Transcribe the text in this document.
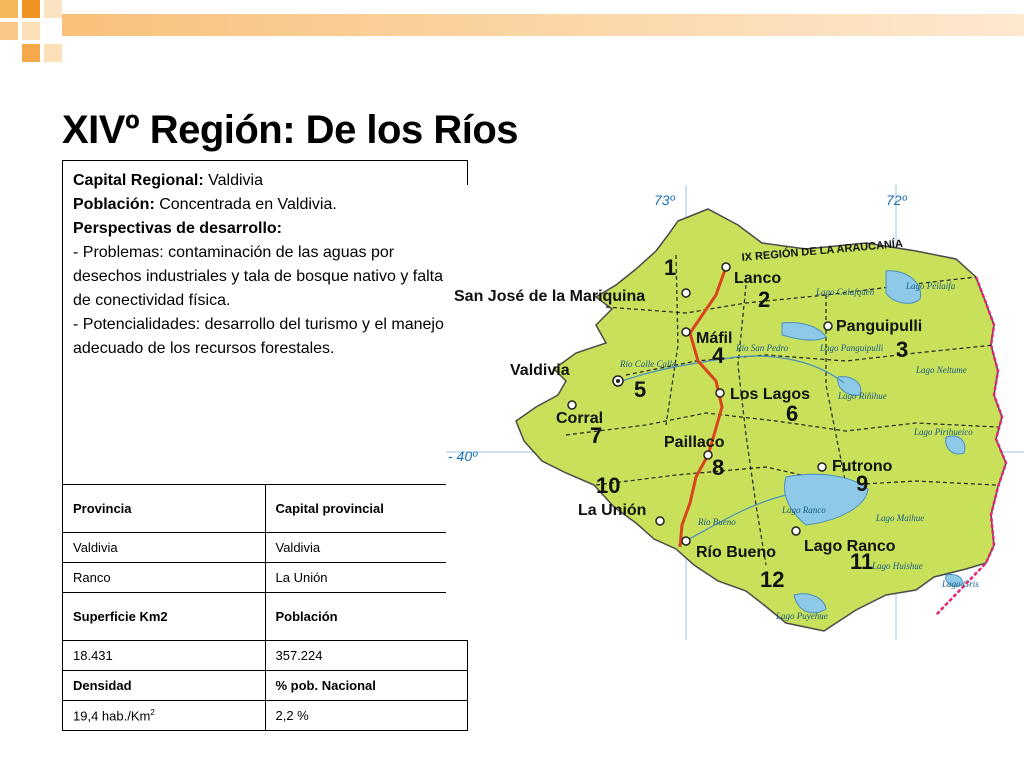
XIVº Región: De los Ríos

Capital Regional: Valdivia

Población: Concentrada en Valdivia.

Perspectivas de desarrollo:

- Problemas: contaminación de las aguas por desechos industriales y tala de bosque nativo y falta de conectividad física.

- Potencialidades: desarrollo del turismo y el manejo adecuado de los recursos forestales.	

Provincia	Capital provincial
Valdivia	Valdivia
Ranco	La Unión
Superficie Km2	Población
18.431	357.224
Densidad	% pob. Nacional
19,4 hab./Km$^2$	2,2 %
73º	72º
- 40º
IX REGIÓN DE LA ARAUCANÍA
Lanco
San José de la Mariquina
Panguipulli
Máfil
Valdivia
Los Lagos
Corral
Paillaco
Futrono
La Unión
Lago Ranco
Río Bueno
1
2
3
4
5
6
7
8
9
10
11
12
Lago Calafquén
Lago Pellaifa
Lago Panguipulli
Lago Neltume
Río San Pedro
Río Calle Calle
Lago Riñihue
Lago Pirihueico
Lago Ranco
Lago Maihue
Lago Huishue
Lago Gris
Río Bueno
Lago Puyehue
